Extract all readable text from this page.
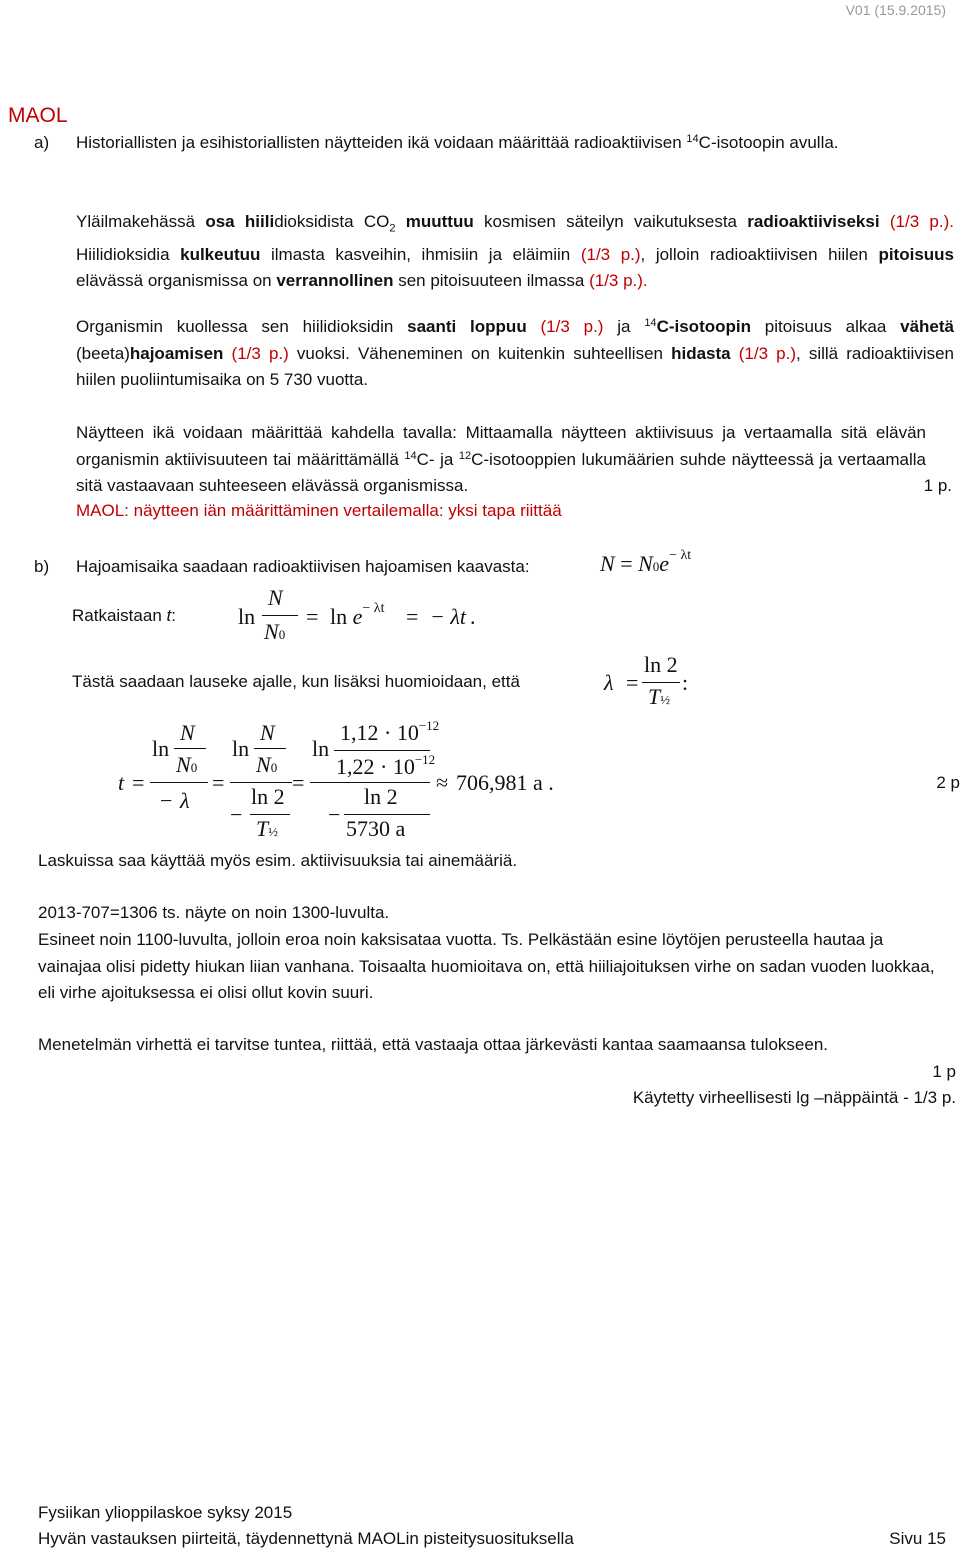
V01 (15.9.2015)
MAOL
a) Historiallisten ja esihistoriallisten näytteiden ikä voidaan määrittää radioaktiivisen $^{14}$C-isotoopin avulla.
Yläilmakehässä osa hiilidioksidista $CO_2$ muuttuu kosmisen säteilyn vaikutuksesta radioaktiiviseksi (1/3 p.). Hiilidioksidia kulkeutuu ilmasta kasveihin, ihmisiin ja eläimiin (1/3 p.), jolloin radioaktiivisen hiilen pitoisuus elävässä organismissa on verrannollinen sen pitoisuuteen ilmassa (1/3 p.).
Organismin kuollessa sen hiilidioksidin saanti loppuu (1/3 p.) ja $^{14}$C-isotoopin pitoisuus alkaa vähetä (beeta)hajoamisen (1/3 p.) vuoksi. Väheneminen on kuitenkin suhteellisen hidasta (1/3 p.), sillä radioaktiivisen hiilen puoliintumisaika on 5 730 vuotta.
Näytteen ikä voidaan määrittää kahdella tavalla: Mittaamalla näytteen aktiivisuus ja vertaamalla sitä elävän organismin aktiivisuuteen tai määrittämällä $^{14}$C- ja $^{12}$C-isotooppien lukumäärien suhde näytteessä ja vertaamalla sitä vastaavaan suhteeseen elävässä organismissa.	1 p.
MAOL: näytteen iän määrittäminen vertailemalla: yksi tapa riittää
b) Hajoamisaika saadaan radioaktiivisen hajoamisen kaavasta:	$N = N0e^{- \lambda t}$
Ratkaistaan t:	ln
N
N0
= $\ln e^{- \lambda t}$ = − λt .
Tästä saadaan lauseke ajalle, kun lisäksi huomioidaan, että	λ =
ln 2
T½
:
t =
ln
N
N0
− λ
=
ln
N
N0
−
ln 2
T½
=
ln
$1,12 \cdot 10^{-12}$
$1,22 \cdot 10^{-12}$
−
ln 2
5730 a
≈ 706,981 a .	2 p
Laskuissa saa käyttää myös esim. aktiivisuuksia tai ainemääriä.
2013-707=1306 ts. näyte on noin 1300-luvulta.
Esineet noin 1100-luvulta, jolloin eroa noin kaksisataa vuotta. Ts. Pelkästään esine löytöjen perusteella hautaa ja vainajaa olisi pidetty hiukan liian vanhana. Toisaalta huomioitava on, että hiiliajoituksen virhe on sadan vuoden luokkaa, eli virhe ajoituksessa ei olisi ollut kovin suuri.
Menetelmän virhettä ei tarvitse tuntea, riittää, että vastaaja ottaa järkevästi kantaa saamaansa tulokseen.
1 p
Käytetty virheellisesti lg –näppäintä - 1/3 p.
Fysiikan ylioppilaskoe syksy 2015
Hyvän vastauksen piirteitä, täydennettynä MAOLin pisteitysuosituksella	Sivu 15
